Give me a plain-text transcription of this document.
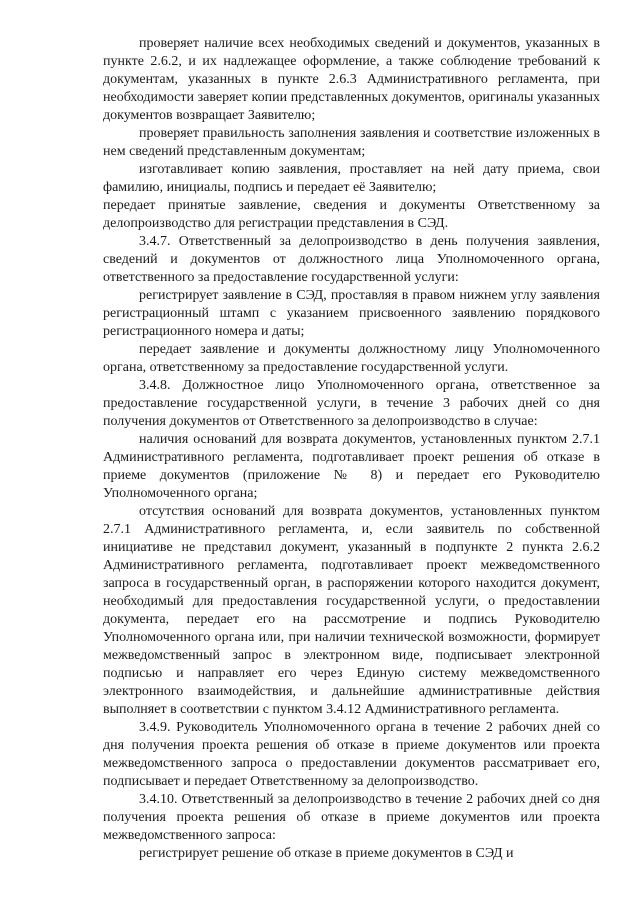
проверяет наличие всех необходимых сведений и документов, указанных в пункте 2.6.2, и их надлежащее оформление, а также соблюдение требований к документам, указанных в пункте 2.6.3 Административного регламента, при необходимости заверяет копии представленных документов, оригиналы указанных документов возвращает Заявителю;

проверяет правильность заполнения заявления и соответствие изложенных в нем сведений представленным документам;

изготавливает копию заявления, проставляет на ней дату приема, свои фамилию, инициалы, подпись и передает её Заявителю;

передает принятые заявление, сведения и документы Ответственному за делопроизводство для регистрации представления в СЭД.

3.4.7. Ответственный за делопроизводство в день получения заявления, сведений и документов от должностного лица Уполномоченного органа, ответственного за предоставление государственной услуги:

регистрирует заявление в СЭД, проставляя в правом нижнем углу заявления регистрационный штамп с указанием присвоенного заявлению порядкового регистрационного номера и даты;

передает заявление и документы должностному лицу Уполномоченного органа, ответственному за предоставление государственной услуги.

3.4.8. Должностное лицо Уполномоченного органа, ответственное за предоставление государственной услуги, в течение 3 рабочих дней со дня получения документов от Ответственного за делопроизводство в случае:

наличия оснований для возврата документов, установленных пунктом 2.7.1 Административного регламента, подготавливает проект решения об отказе в приеме документов (приложение № 8) и передает его Руководителю Уполномоченного органа;

отсутствия оснований для возврата документов, установленных пунктом 2.7.1 Административного регламента, и, если заявитель по собственной инициативе не представил документ, указанный в подпункте 2 пункта 2.6.2 Административного регламента, подготавливает проект межведомственного запроса в государственный орган, в распоряжении которого находится документ, необходимый для предоставления государственной услуги, о предоставлении документа, передает его на рассмотрение и подпись Руководителю Уполномоченного органа или, при наличии технической возможности, формирует межведомственный запрос в электронном виде, подписывает электронной подписью и направляет его через Единую систему межведомственного электронного взаимодействия, и дальнейшие административные действия выполняет в соответствии с пунктом 3.4.12 Административного регламента.

3.4.9. Руководитель Уполномоченного органа в течение 2 рабочих дней со дня получения проекта решения об отказе в приеме документов или проекта межведомственного запроса о предоставлении документов рассматривает его, подписывает и передает Ответственному за делопроизводство.

3.4.10. Ответственный за делопроизводство в течение 2 рабочих дней со дня получения проекта решения об отказе в приеме документов или проекта межведомственного запроса:

регистрирует решение об отказе в приеме документов в СЭД и
